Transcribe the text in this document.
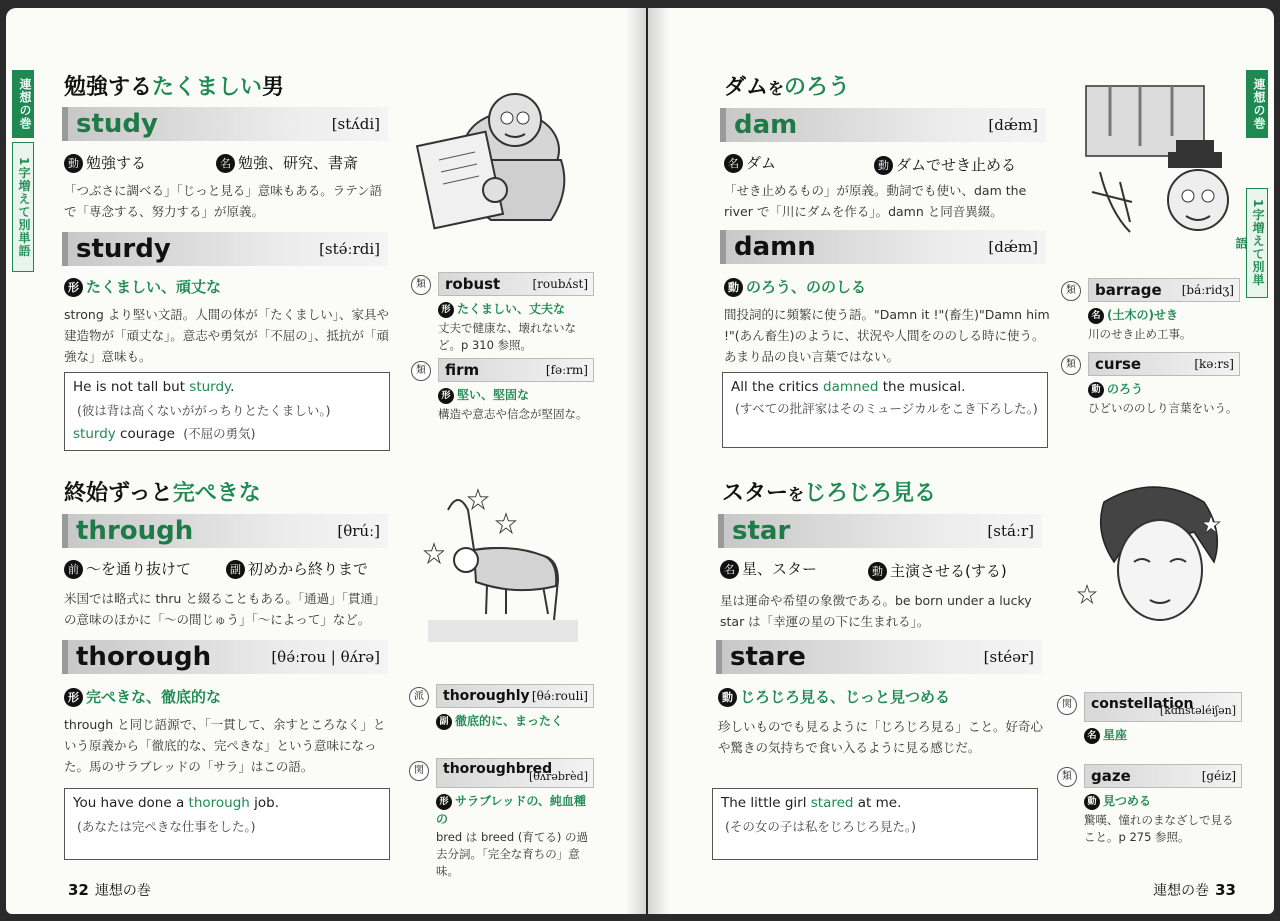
連想の巻
1字増えて別単語
勉強するたくましい男
study	[stʌ́di]
動 勉強する	名 勉強、研究、書斎
「つぶさに調べる」「じっと見る」意味もある。ラテン語で「専念する、努力する」が原義。
sturdy	[stə́ːrdi]
形 たくましい、頑丈な
strong より堅い文語。人間の体が「たくましい」、家具や建造物が「頑丈な」。意志や勇気が「不屈の」、抵抗が「頑強な」意味も。
He is not tall but sturdy.
(彼は背は高くないががっちりとたくましい。)
sturdy courage (不屈の勇気)
類	robust	[roubʌ́st]
形 たくましい、丈夫な
丈夫で健康な、壊れないなど。p 310 参照。
類	firm	[fəːrm]
形 堅い、堅固な
構造や意志や信念が堅固な。
終始ずっと完ぺきな
through	[θrúː]
前 〜を通り抜けて	副 初めから終りまで
米国では略式に thru と綴ることもある。「通過」「貫通」の意味のほかに「〜の間じゅう」「〜によって」など。
thorough	[θə́ːrou | θʌ́rə]
形 完ぺきな、徹底的な
through と同じ語源で、「一貫して、余すところなく」という原義から「徹底的な、完ぺきな」という意味になった。馬のサラブレッドの「サラ」はこの語。
You have done a thorough job.
(あなたは完ぺきな仕事をした。)
派	thoroughly [θə́ːrouli]
副 徹底的に、まったく
関	thoroughbred
[θʌ́rəbrèd]
形 サラブレッドの、純血種の
bred は breed (育てる) の過去分詞。「完全な育ちの」意味。
32 連想の巻
連想の巻
1字増えて別単語
ダムをのろう
dam	[dǽm]
名 ダム	動 ダムでせき止める
「せき止めるもの」が原義。動詞でも使い、dam the river で「川にダムを作る」。damn と同音異綴。
damn	[dǽm]
動 のろう、ののしる
間投詞的に頻繁に使う語。"Damn it !"(畜生)"Damn him !"(あん畜生)のように、状況や人間をののしる時に使う。あまり品の良い言葉ではない。
All the critics damned the musical.
(すべての批評家はそのミュージカルをこき下ろした。)
類	barrage [báːridʒ]
名 (土木の)せき
川のせき止め工事。
類	curse	[kəːrs]
動 のろう
ひどいののしり言葉をいう。
スターをじろじろ見る
star	[stáːr]
名 星、スター	動 主演させる(する)
星は運命や希望の象徴である。be born under a lucky star は「幸運の星の下に生まれる」。
stare	[stéər]
動 じろじろ見る、じっと見つめる
珍しいものでも見るように「じろじろ見る」こと。好奇心や驚きの気持ちで食い入るように見る感じだ。
The little girl stared at me.
(その女の子は私をじろじろ見た。)
関	constellation
[kɑ̀nstəléiʃən]
名 星座
類	gaze	[géiz]
動 見つめる
驚嘆、憧れのまなざしで見ること。p 275 参照。
連想の巻 33
